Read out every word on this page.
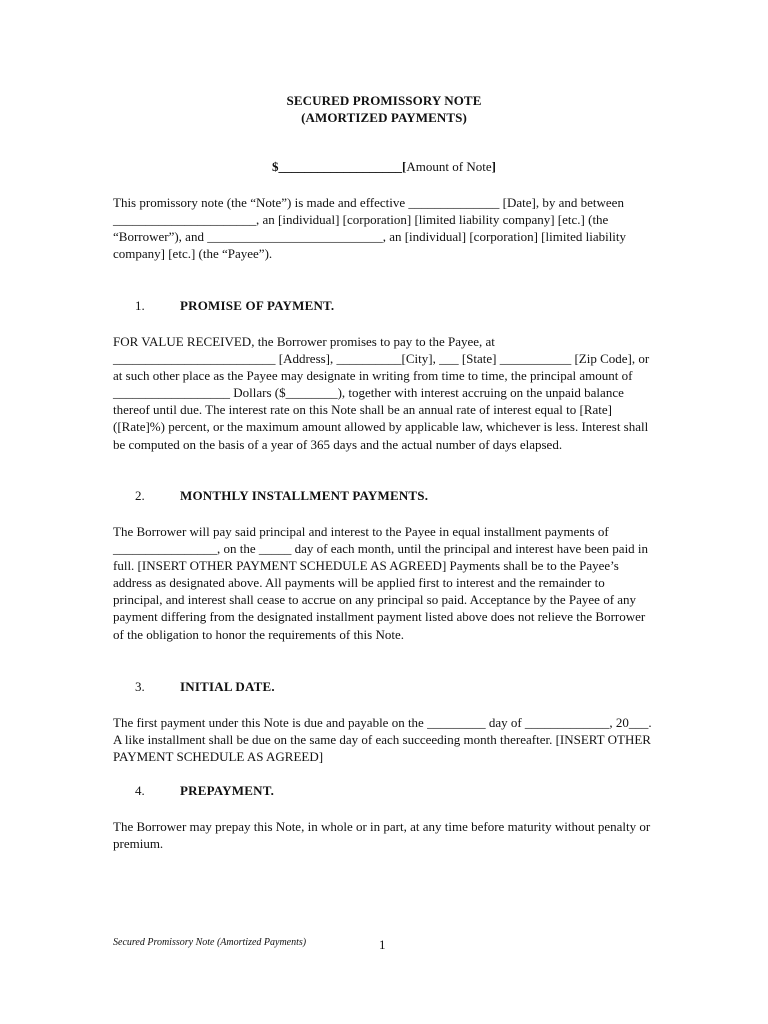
SECURED PROMISSORY NOTE
(AMORTIZED PAYMENTS)
$___________________[Amount of Note]

This promissory note (the “Note”) is made and effective ______________ [Date], by and between ______________________, an [individual] [corporation] [limited liability company] [etc.] (the “Borrower”), and ___________________________, an [individual] [corporation] [limited liability company] [etc.] (the “Payee”).

1.	PROMISE OF PAYMENT.

FOR VALUE RECEIVED, the Borrower promises to pay to the Payee, at _________________________ [Address], __________[City], ___ [State] ___________ [Zip Code], or at such other place as the Payee may designate in writing from time to time, the principal amount of __________________ Dollars ($________), together with interest accruing on the unpaid balance thereof until due. The interest rate on this Note shall be an annual rate of interest equal to [Rate] ([Rate]%) percent, or the maximum amount allowed by applicable law, whichever is less. Interest shall be computed on the basis of a year of 365 days and the actual number of days elapsed.

2.	MONTHLY INSTALLMENT PAYMENTS.

The Borrower will pay said principal and interest to the Payee in equal installment payments of ________________, on the _____ day of each month, until the principal and interest have been paid in full. [INSERT OTHER PAYMENT SCHEDULE AS AGREED] Payments shall be to the Payee’s address as designated above. All payments will be applied first to interest and the remainder to principal, and interest shall cease to accrue on any principal so paid. Acceptance by the Payee of any payment differing from the designated installment payment listed above does not relieve the Borrower of the obligation to honor the requirements of this Note.

3.	INITIAL DATE.

The first payment under this Note is due and payable on the _________ day of _____________, 20___. A like installment shall be due on the same day of each succeeding month thereafter. [INSERT OTHER PAYMENT SCHEDULE AS AGREED]

4.	PREPAYMENT.

The Borrower may prepay this Note, in whole or in part, at any time before maturity without penalty or premium.

Secured Promissory Note (Amortized Payments)	1
